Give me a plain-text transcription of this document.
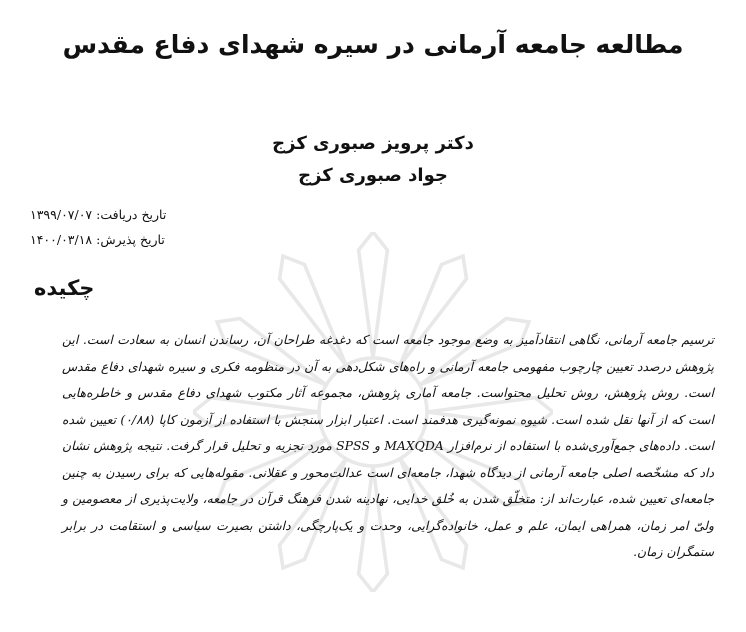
مطالعه جامعه آرمانی در سیره شهدای دفاع مقدس
دکتر پرویز صبوری کزج
جواد صبوری کزج
تاریخ دریافت: ۱۳۹۹/۰۷/۰۷
تاریخ پذیرش: ۱۴۰۰/۰۳/۱۸
چکیده

ترسیم جامعه آرمانی، نگاهی انتقادآمیز به وضع موجود جامعه است که دغدغه طراحان آن، رساندن انسان به سعادت است. این پژوهش درصدد تعیین چارچوب مفهومی جامعه آرمانی و راه‌های شکل‌دهی به آن در منظومه فکری و سیره شهدای دفاع مقدس است. روش پژوهش، روش تحلیل محتواست. جامعه آماری پژوهش، مجموعه آثار مکتوب شهدای دفاع مقدس و خاطره‌هایی است که از آنها نقل شده است. شیوه نمونه‌گیری هدفمند است. اعتبار ابزار سنجش با استفاده از آزمون کاپا (۰/۸۸) تعیین شده است. داده‌های جمع‌آوری‌شده با استفاده از نرم‌افزار MAXQDA و SPSS مورد تجزیه و تحلیل قرار گرفت. نتیجه پژوهش نشان داد که مشخّصه اصلی جامعه آرمانی از دیدگاه شهدا، جامعه‌ای است عدالت‌محور و عقلانی. مقوله‌هایی که برای رسیدن به چنین جامعه‌ای تعیین شده، عبارت‌اند از: متخلّق شدن به خُلق خدایی، نهادینه شدن فرهنگ قرآن در جامعه، ولایت‌پذیری از معصومین و ولیّ امر زمان، همراهی ایمان، علم و عمل، خانواده‌گرایی، وحدت و یک‌پارچگی، داشتن بصیرت سیاسی و استقامت در برابر ستمگران زمان.
